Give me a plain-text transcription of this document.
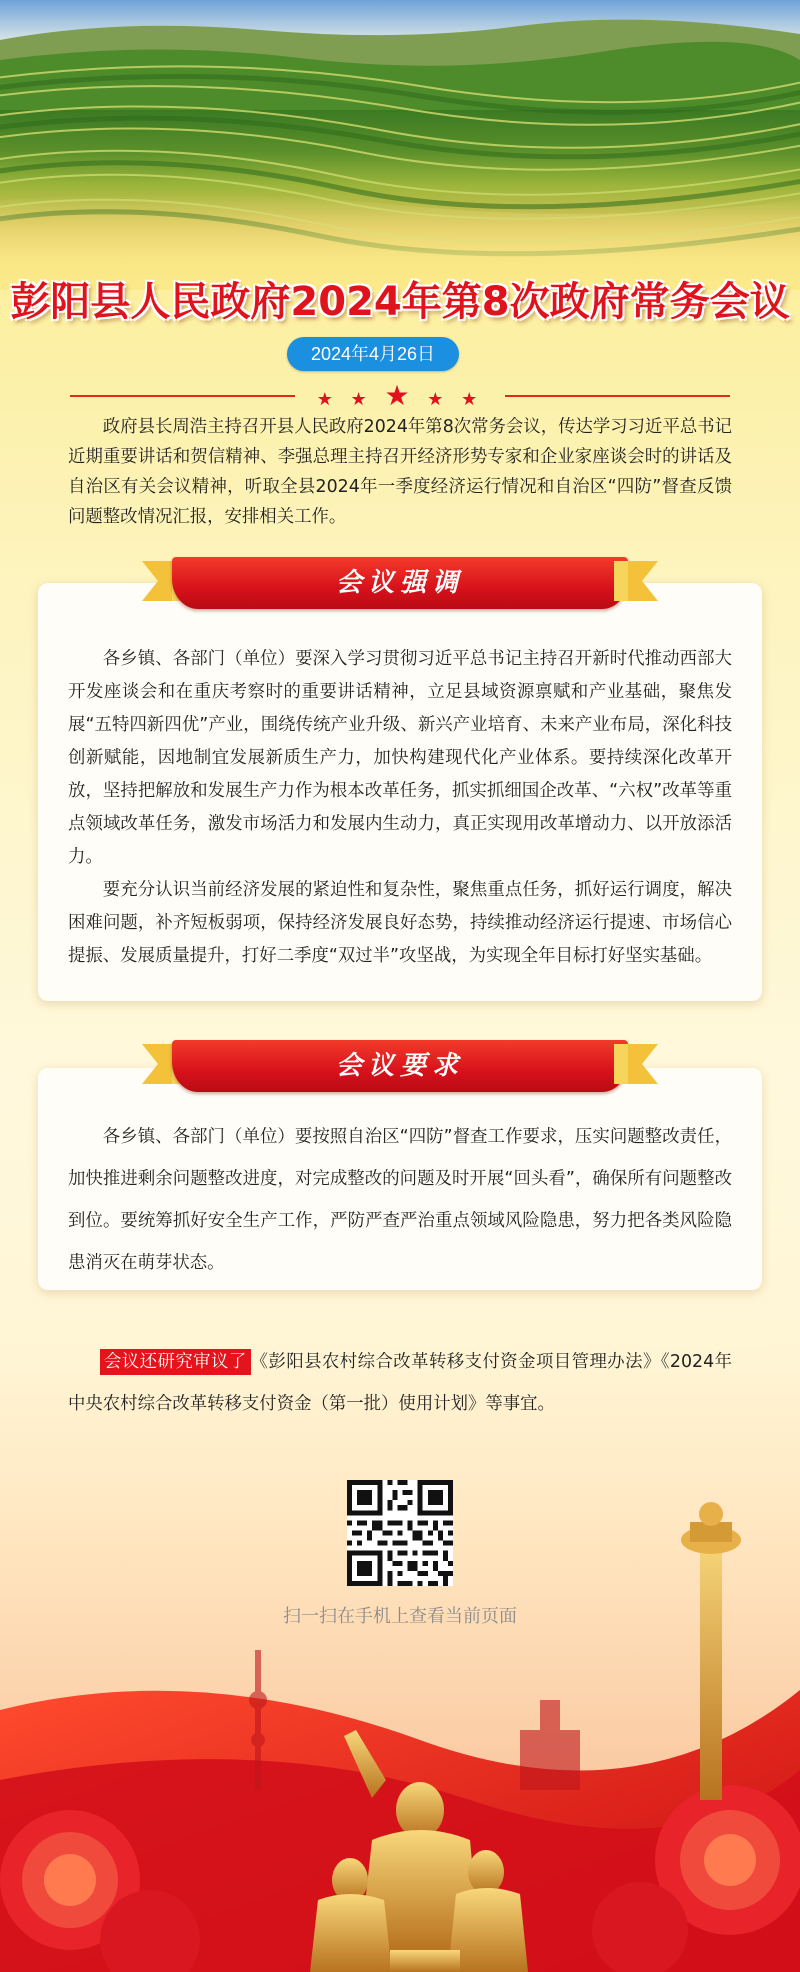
彭阳县人民政府2024年第8次政府常务会议
2024年4月26日
★ ★ ★ ★ ★

政府县长周浩主持召开县人民政府2024年第8次常务会议，传达学习习近平总书记近期重要讲话和贺信精神、李强总理主持召开经济形势专家和企业家座谈会时的讲话及自治区有关会议精神，听取全县2024年一季度经济运行情况和自治区“四防”督查反馈问题整改情况汇报，安排相关工作。

各乡镇、各部门（单位）要深入学习贯彻习近平总书记主持召开新时代推动西部大开发座谈会和在重庆考察时的重要讲话精神，立足县域资源禀赋和产业基础，聚焦发展“五特四新四优”产业，围绕传统产业升级、新兴产业培育、未来产业布局，深化科技创新赋能，因地制宜发展新质生产力，加快构建现代化产业体系。要持续深化改革开放，坚持把解放和发展生产力作为根本改革任务，抓实抓细国企改革、“六权”改革等重点领域改革任务，激发市场活力和发展内生动力，真正实现用改革增动力、以开放添活力。

要充分认识当前经济发展的紧迫性和复杂性，聚焦重点任务，抓好运行调度，解决困难问题，补齐短板弱项，保持经济发展良好态势，持续推动经济运行提速、市场信心提振、发展质量提升，打好二季度“双过半”攻坚战，为实现全年目标打好坚实基础。

会议强调

各乡镇、各部门（单位）要按照自治区“四防”督查工作要求，压实问题整改责任，加快推进剩余问题整改进度，对完成整改的问题及时开展“回头看”，确保所有问题整改到位。要统筹抓好安全生产工作，严防严查严治重点领域风险隐患，努力把各类风险隐患消灭在萌芽状态。

会议要求

会议还研究审议了 《彭阳县农村综合改革转移支付资金项目管理办法》《2024年中央农村综合改革转移支付资金（第一批）使用计划》等事宜。

扫一扫在手机上查看当前页面
